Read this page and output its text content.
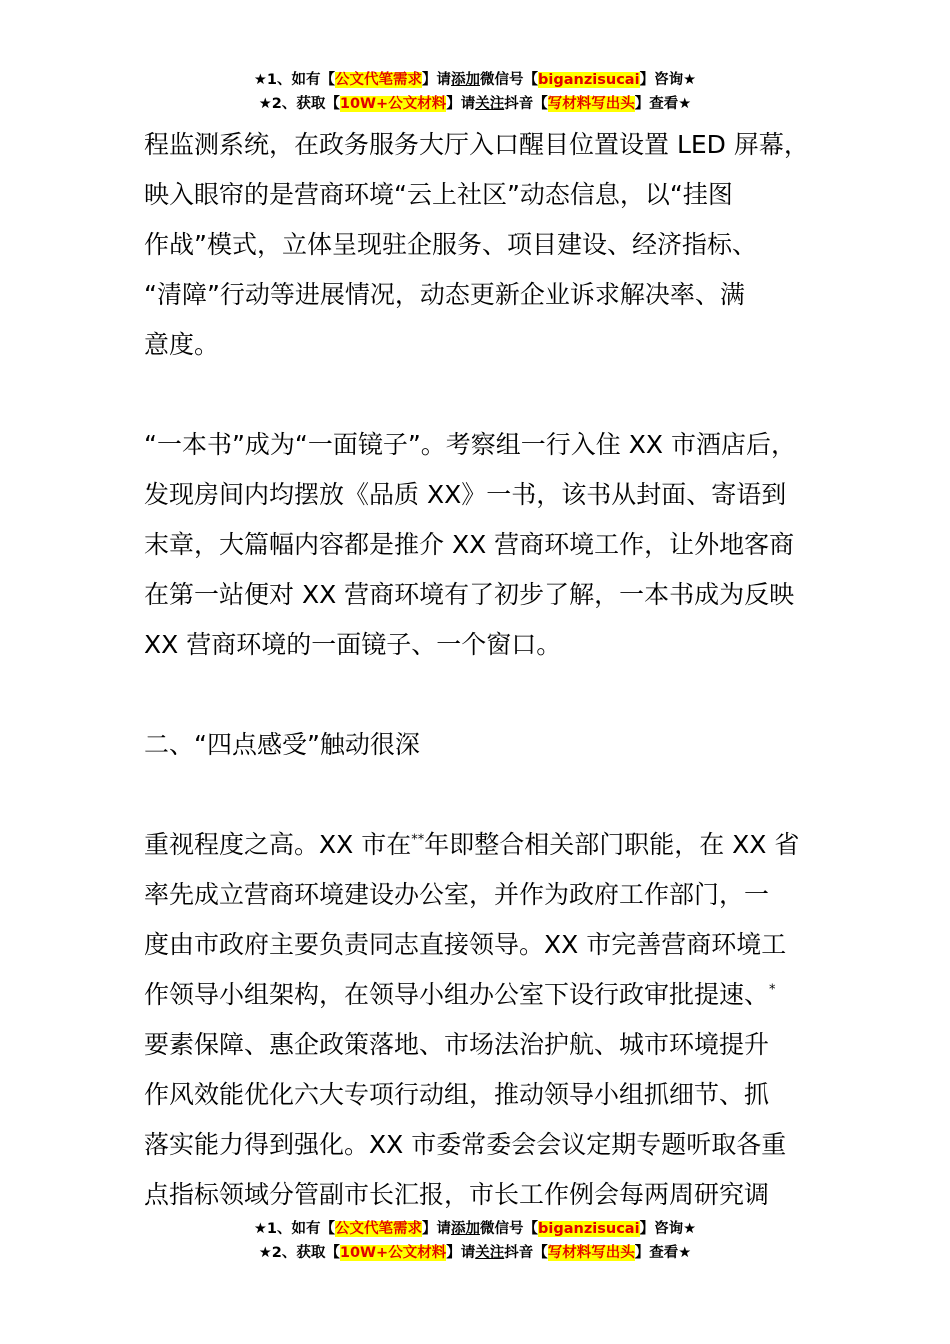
★1、如有【公文代笔需求】请添加微信号【biganzisucai】咨询★
★2、获取【10W+公文材料】请关注抖音【写材料写出头】查看★

程监测系统，在政务服务大厅入口醒目位置设置 LED 屏幕，
映入眼帘的是营商环境“云上社区”动态信息，以“挂图
作战”模式，立体呈现驻企服务、项目建设、经济指标、
“清障”行动等进展情况，动态更新企业诉求解决率、满
意度。

“一本书”成为“一面镜子”。考察组一行入住 XX 市酒店后，
发现房间内均摆放《品质 XX》一书，该书从封面、寄语到
末章，大篇幅内容都是推介 XX 营商环境工作，让外地客商
在第一站便对 XX 营商环境有了初步了解，一本书成为反映
XX 营商环境的一面镜子、一个窗口。

二、“四点感受”触动很深

重视程度之高。XX 市在**年即整合相关部门职能，在 XX 省
率先成立营商环境建设办公室，并作为政府工作部门，一
度由市政府主要负责同志直接领导。XX 市完善营商环境工
作领导小组架构，在领导小组办公室下设行政审批提速、*
要素保障、惠企政策落地、市场法治护航、城市环境提升
作风效能优化六大专项行动组，推动领导小组抓细节、抓
落实能力得到强化。XX 市委常委会会议定期专题听取各重
点指标领域分管副市长汇报，市长工作例会每两周研究调

★1、如有【公文代笔需求】请添加微信号【biganzisucai】咨询★
★2、获取【10W+公文材料】请关注抖音【写材料写出头】查看★
